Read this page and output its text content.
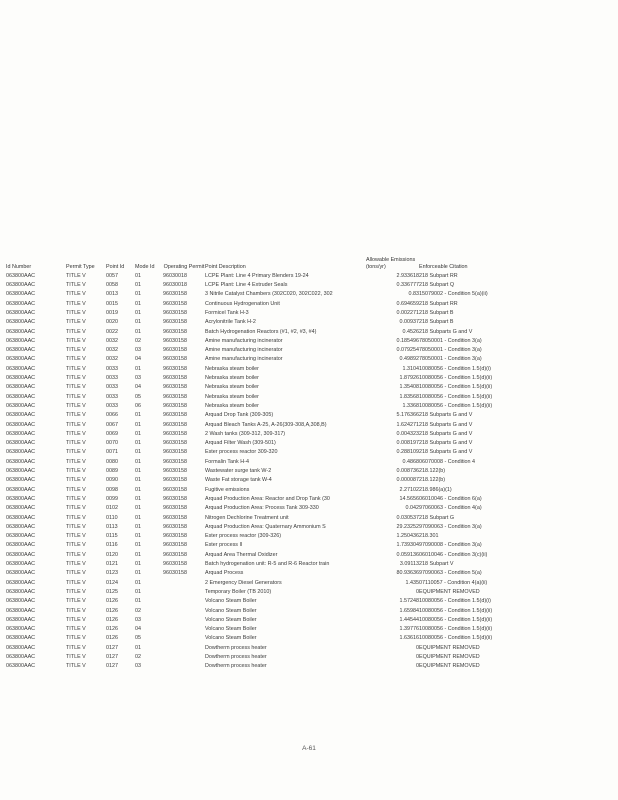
Id Number	Permit Type	Point Id	Mode Id	Operating Permit	Point Description	Allowable Emissions (tons/yr)	Enforceable Citation
063800AAC	TITLE V	0057	01	96030018	LCPE Plant: Line 4 Primary Blenders 19-24	2.933618	218 Subpart RR
063800AAC	TITLE V	0058	01	96030018	LCPE Plant: Line 4 Extruder Seals	0.336777	218 Subpart Q
063800AAC	TITLE V	0013	01	96030158	3 Nitrile Catalyst Chambers (302C020, 302C022, 302	0.83	15079002 - Condition 5(a)(ii)
063800AAC	TITLE V	0015	01	96030158	Continuous Hydrogenation Unit	0.694659	218 Subpart RR
063800AAC	TITLE V	0019	01	96030158	Formicel Tank H-3	0.002271	218 Subpart B
063800AAC	TITLE V	0020	01	96030158	Acrylonitrile Tank H-2	0.00937	218 Subpart B
063800AAC	TITLE V	0022	01	96030158	Batch Hydrogenation Reactors (#1, #2, #3, #4)	0.4526	218 Subparts G and V
063800AAC	TITLE V	0032	02	96030158	Amine manufacturing incinerator	0.185496	78050001 - Condition 3(a)
063800AAC	TITLE V	0032	03	96030158	Amine manufacturing incinerator	0.079254	78050001 - Condition 3(a)
063800AAC	TITLE V	0032	04	96030158	Amine manufacturing incinerator	0.49892	78050001 - Condition 3(a)
063800AAC	TITLE V	0033	01	96030158	Nebraska steam boiler	1.3104	10080056 - Condition 1.5(d)(i)
063800AAC	TITLE V	0033	03	96030158	Nebraska steam boiler	1.87926	10080056 - Condition 1.5(d)(ii)
063800AAC	TITLE V	0033	04	96030158	Nebraska steam boiler	1.35408	10080056 - Condition 1.5(d)(ii)
063800AAC	TITLE V	0033	05	96030158	Nebraska steam boiler	1.83568	10080056 - Condition 1.5(d)(ii)
063800AAC	TITLE V	0033	06	96030158	Nebraska steam boiler	1.3368	10080056 - Condition 1.5(d)(ii)
063800AAC	TITLE V	0066	01	96030158	Arquad Drop Tank (309-305)	5.176366	218 Subparts G and V
063800AAC	TITLE V	0067	01	96030158	Arquad Bleach Tanks A-25, A-26(309-308,A,308,B)	1.624271	218 Subparts G and V
063800AAC	TITLE V	0069	01	96030158	2 Wash tanks (309-312, 309-317)	0.004323	218 Subparts G and V
063800AAC	TITLE V	0070	01	96030158	Arquad Filter Wash (309-501)	0.008197	218 Subparts G and V
063800AAC	TITLE V	0071	01	96030158	Ester process reactor 309-320	0.288109	218 Subparts G and V
063800AAC	TITLE V	0080	01	96030158	Formalin Tank H-4	0.4868	06070008 - Condition 4
063800AAC	TITLE V	0089	01	96030158	Wastewater surge tank W-2	0.008736	218.122(b)
063800AAC	TITLE V	0090	01	96030158	Waste Fat storage tank W-4	0.000087	218.122(b)
063800AAC	TITLE V	0098	01	96030158	Fugitive emissions	2.27102	218.986(a)(1)
063800AAC	TITLE V	0099	01	96030158	Arquad Production Area: Reactor and Drop Tank (30	14.5656	06010046 - Condition 6(a)
063800AAC	TITLE V	0102	01	96030158	Arquad Production Area: Process Tank 309-330	0.042	97060063 - Condition 4(a)
063800AAC	TITLE V	0110	01	96030158	Nitrogen Dechlorine Treatment unit	0.030537	218 Subpart G
063800AAC	TITLE V	0113	01	96030158	Arquad Production Area: Quaternary Ammonium S	29.23252	97090063 - Condition 3(a)
063800AAC	TITLE V	0115	01	96030158	Ester process reactor (309-326)	1.250436	218.301
063800AAC	TITLE V	0116	01	96030158	Ester process II	1.739304	97090008 - Condition 3(a)
063800AAC	TITLE V	0120	01	96030158	Arquad Area Thermal Oxidizer	0.059136	06010046 - Condition 3(c)(ii)
063800AAC	TITLE V	0121	01	96030158	Batch hydrogenation unit: R-5 and R-6 Reactor train	3.09113	218 Subpart V
063800AAC	TITLE V	0123	01	96030158	Arquad Process	80.93636	97090063 - Condition 5(a)
063800AAC	TITLE V	0124	01		2 Emergency Diesel Generators	1.435	07110057 - Condition 4(a)(ii)
063800AAC	TITLE V	0125	01		Temporary Boiler (TB 2010)	0	EQUIPMENT REMOVED
063800AAC	TITLE V	0126	01		Volcano Steam Boiler	1.57248	10080056 - Condition 1.5(d)(i)
063800AAC	TITLE V	0126	02		Volcano Steam Boiler	1.65984	10080056 - Condition 1.5(d)(ii)
063800AAC	TITLE V	0126	03		Volcano Steam Boiler	1.44544	10080056 - Condition 1.5(d)(ii)
063800AAC	TITLE V	0126	04		Volcano Steam Boiler	1.39776	10080056 - Condition 1.5(d)(ii)
063800AAC	TITLE V	0126	05		Volcano Steam Boiler	1.63616	10080056 - Condition 1.5(d)(ii)
063800AAC	TITLE V	0127	01		Dowtherm process heater	0	EQUIPMENT REMOVED
063800AAC	TITLE V	0127	02		Dowtherm process heater	0	EQUIPMENT REMOVED
063800AAC	TITLE V	0127	03		Dowtherm process heater	0	EQUIPMENT REMOVED
A-61
